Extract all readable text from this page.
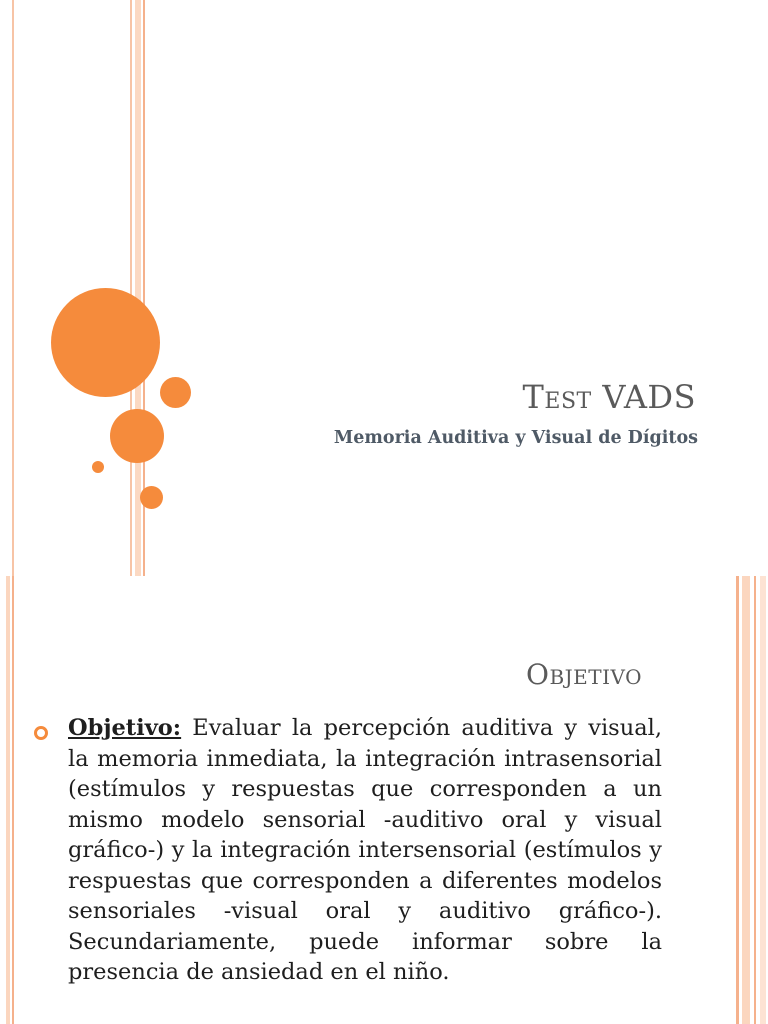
Test VADS
Memoria Auditiva y Visual de Dígitos
Objetivo
Objetivo: Evaluar la percepción auditiva y visual, la memoria inmediata, la integración intrasensorial (estímulos y respuestas que corresponden a un mismo modelo sensorial -auditivo oral y visual gráfico-) y la integración intersensorial (estímulos y respuestas que corresponden a diferentes modelos sensoriales -visual oral y auditivo gráfico-). Secundariamente, puede informar sobre la presencia de ansiedad en el niño.
